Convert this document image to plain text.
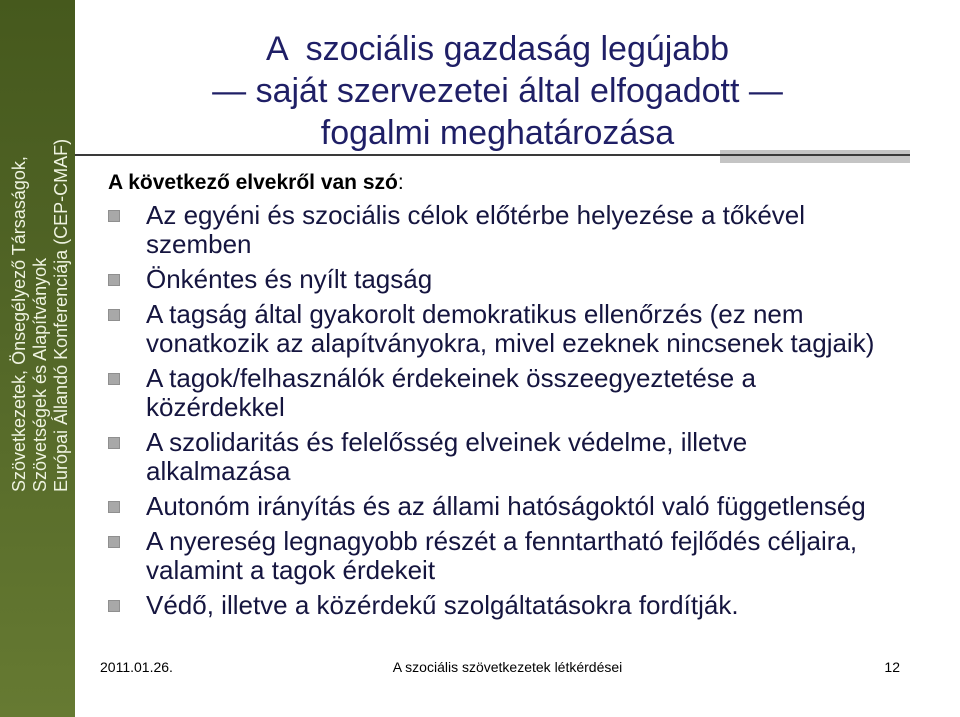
Szövetkezetek, Önsegélyező Társaságok, Szövetségek és Alapítványok Európai Állandó Konferenciája (CEP-CMAF)
A  szociális gazdaság legújabb
— saját szervezetei által elfogadott —
fogalmi meghatározása
A következő elvekről van szó:
Az egyéni és szociális célok előtérbe helyezése a tőkével
szemben
Önkéntes és nyílt tagság
A tagság által gyakorolt demokratikus ellenőrzés (ez nem
vonatkozik az alapítványokra, mivel ezeknek nincsenek tagjaik)
A tagok/felhasználók érdekeinek összeegyeztetése a
közérdekkel
A szolidaritás és felelősség elveinek védelme, illetve
alkalmazása
Autonóm irányítás és az állami hatóságoktól való függetlenség
A nyereség legnagyobb részét a fenntartható fejlődés céljaira,
valamint a tagok érdekeit
Védő, illetve a közérdekű szolgáltatásokra fordítják.
2011.01.26.	A szociális szövetkezetek létkérdései	12
